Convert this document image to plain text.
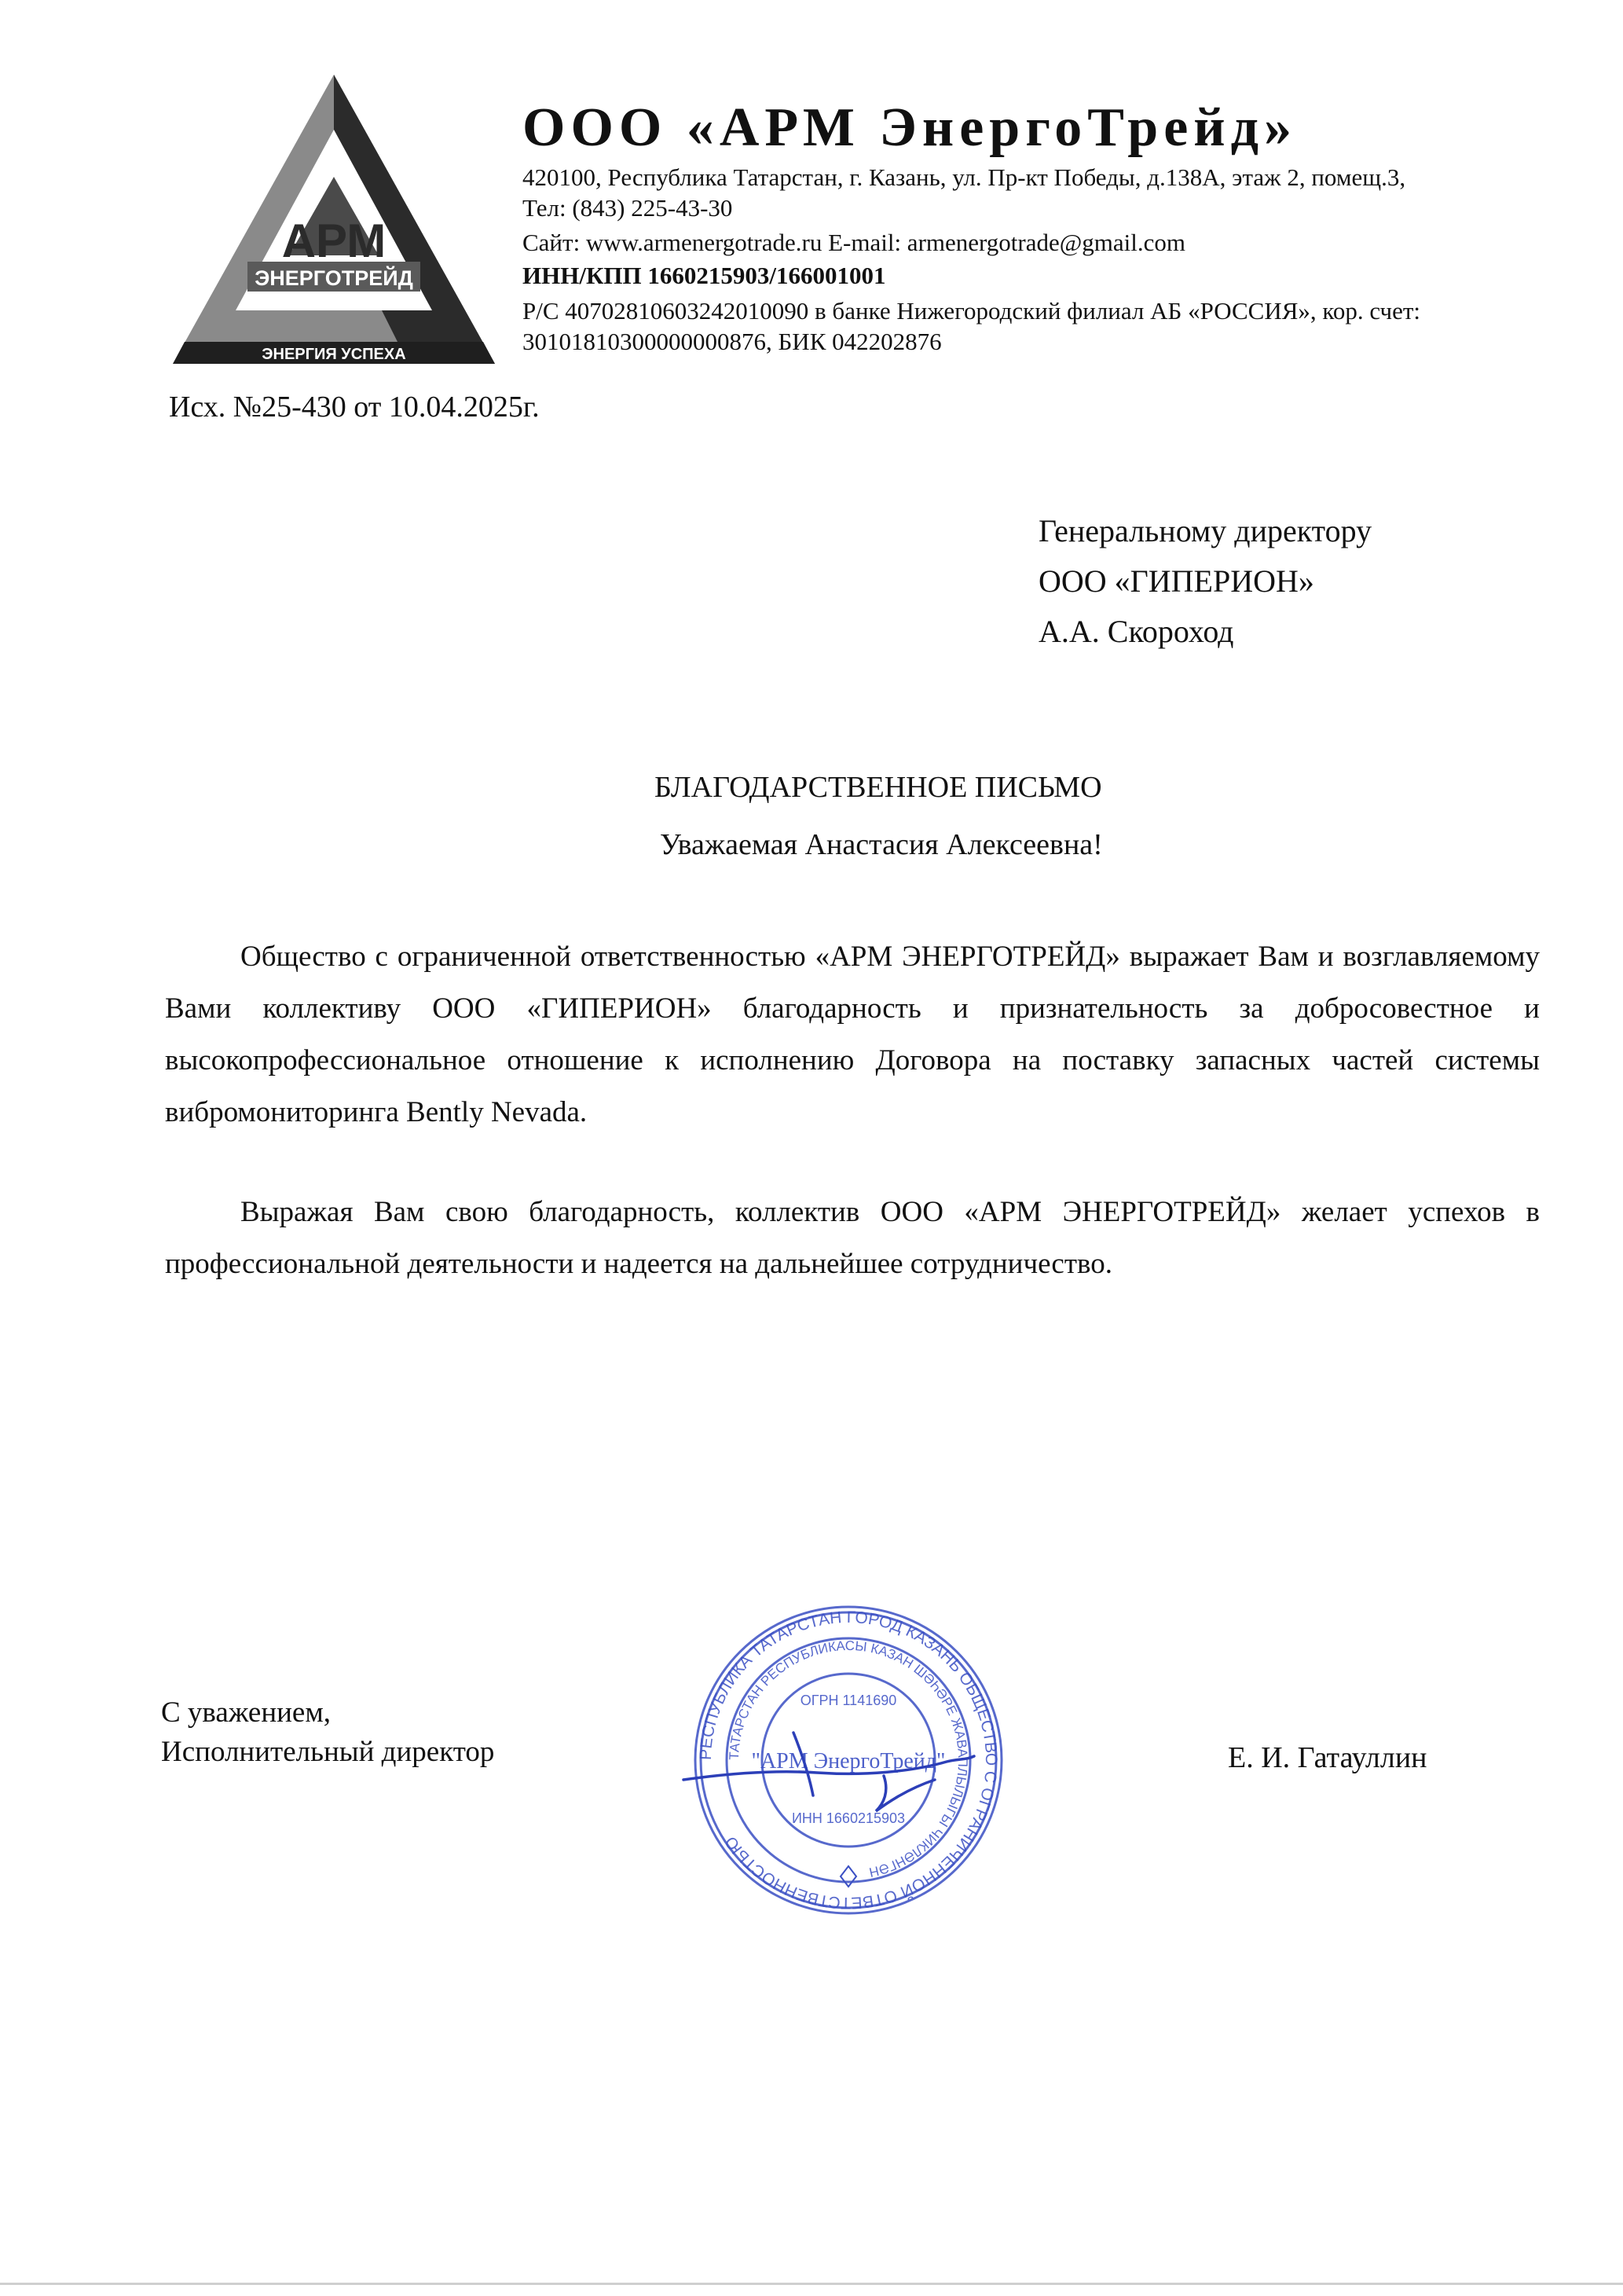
АРМ
ЭНЕРГОТРЕЙД
ЭНЕРГИЯ УСПЕХА
ООО «АРМ ЭнергоТрейд»
420100, Республика Татарстан, г. Казань, ул. Пр-кт Победы, д.138А, этаж 2, помещ.3,
Тел: (843) 225-43-30
Сайт: www.armenergotrade.ru E-mail: armenergotrade@gmail.com
ИНН/КПП 1660215903/166001001
Р/С 40702810603242010090 в банке Нижегородский филиал АБ «РОССИЯ», кор. счет:
30101810300000000876, БИК 042202876
Исх. №25-430 от 10.04.2025г.
Генеральному директору
ООО «ГИПЕРИОН»
А.А. Скороход
БЛАГОДАРСТВЕННОЕ ПИСЬМО
Уважаемая Анастасия Алексеевна!
Общество с ограниченной ответственностью «АРМ ЭНЕРГОТРЕЙД» выражает Вам и возглавляемому Вами коллективу ООО «ГИПЕРИОН» благодарность и признательность за добросовестное и высокопрофессиональное отношение к исполнению Договора на поставку запасных частей системы вибромониторинга Bently Nevada.
Выражая Вам свою благодарность, коллектив ООО «АРМ ЭНЕРГОТРЕЙД» желает успехов в профессиональной деятельности и надеется на дальнейшее сотрудничество.
С уважением,
Исполнительный директор	Е. И. Гатауллин
РЕСПУБЛИКА ТАТАРСТАН ГОРОД КАЗАНЬ ОБЩЕСТВО С ОГРАНИЧЕННОЙ ОТВЕТСТВЕННОСТЬЮ
ТАТАРСТАН РЕСПУБЛИКАСЫ КАЗАН ШӘҺӘРЕ ЖАВАПЛЫЛЫГЫ ЧИКЛӘНГӘН
ОГРН 1141690
"АРМ ЭнергоТрейд"
ИНН 1660215903
